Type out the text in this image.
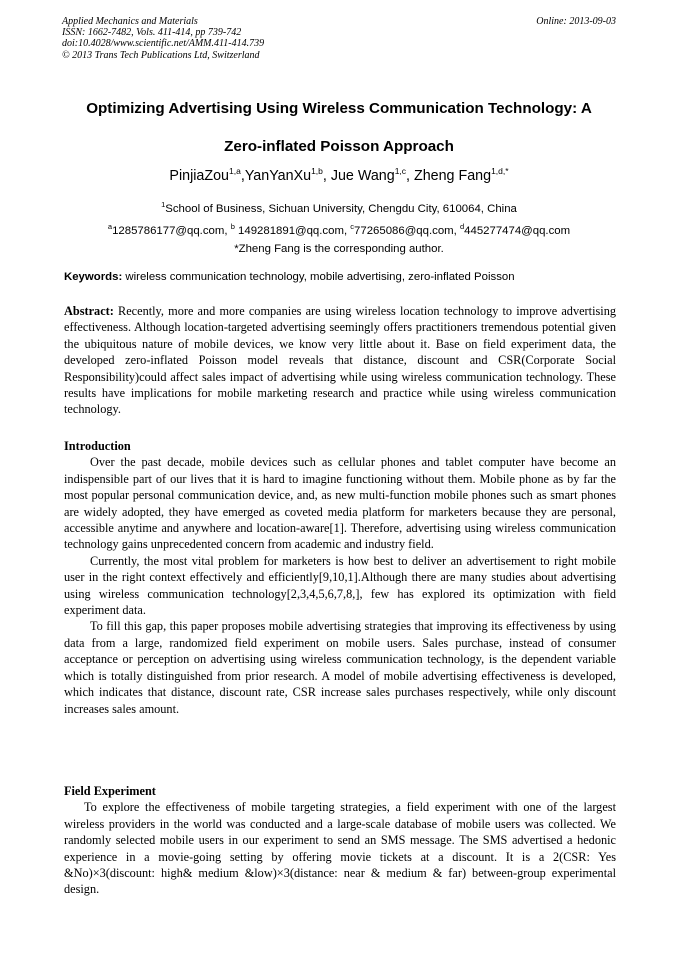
Applied Mechanics and Materials
ISSN: 1662-7482, Vols. 411-414, pp 739-742
doi:10.4028/www.scientific.net/AMM.411-414.739
© 2013 Trans Tech Publications Ltd, Switzerland
Online: 2013-09-03
Optimizing Advertising Using Wireless Communication Technology: A
Zero-inflated Poisson Approach
PinjiaZou$^{1,a}$,YanYanXu$^{1,b}$, Jue Wang$^{1,c}$, Zheng Fang$^{1,d,*}$
$^1$School of Business, Sichuan University, Chengdu City, 610064, China
$^a$1285786177@qq.com, $^b$ 149281891@qq.com, $^c$77265086@qq.com, $^d$445277474@qq.com
*Zheng Fang is the corresponding author.
Keywords: wireless communication technology, mobile advertising, zero-inflated Poisson

Abstract: Recently, more and more companies are using wireless location technology to improve advertising effectiveness. Although location-targeted advertising seemingly offers practitioners tremendous potential given the ubiquitous nature of mobile devices, we know very little about it. Base on field experiment data, the developed zero-inflated Poisson model reveals that distance, discount and CSR(Corporate Social Responsibility)could affect sales impact of advertising while using wireless communication technology. These results have implications for mobile marketing research and practice while using wireless communication technology.

Introduction

Over the past decade, mobile devices such as cellular phones and tablet computer have become an indispensible part of our lives that it is hard to imagine functioning without them. Mobile phone as by far the most popular personal communication device, and, as new multi-function mobile phones such as smart phones are widely adopted, they have emerged as coveted media platform for marketers because they are personal, accessible anytime and anywhere and location-aware[1]. Therefore, advertising using wireless communication technology gains unprecedented concern from academic and industry field.

Currently, the most vital problem for marketers is how best to deliver an advertisement to right mobile user in the right context effectively and efficiently[9,10,1].Although there are many studies about advertising using wireless communication technology[2,3,4,5,6,7,8,], few has explored its optimization with field experiment data.

To fill this gap, this paper proposes mobile advertising strategies that improving its effectiveness by using data from a large, randomized field experiment on mobile users. Sales purchase, instead of consumer acceptance or perception on advertising using wireless communication technology, is the dependent variable which is totally distinguished from prior research. A model of mobile advertising effectiveness is developed, which indicates that distance, discount rate, CSR increase sales purchases respectively, while only discount increases sales amount.

Field Experiment

To explore the effectiveness of mobile targeting strategies, a field experiment with one of the largest wireless providers in the world was conducted and a large-scale database of mobile users was collected. We randomly selected mobile users in our experiment to send an SMS message. The SMS advertised a hedonic experience in a movie-going setting by offering movie tickets at a discount. It is a 2(CSR: Yes &No)×3(discount: high& medium &low)×3(distance: near & medium & far) between-group experimental design.
